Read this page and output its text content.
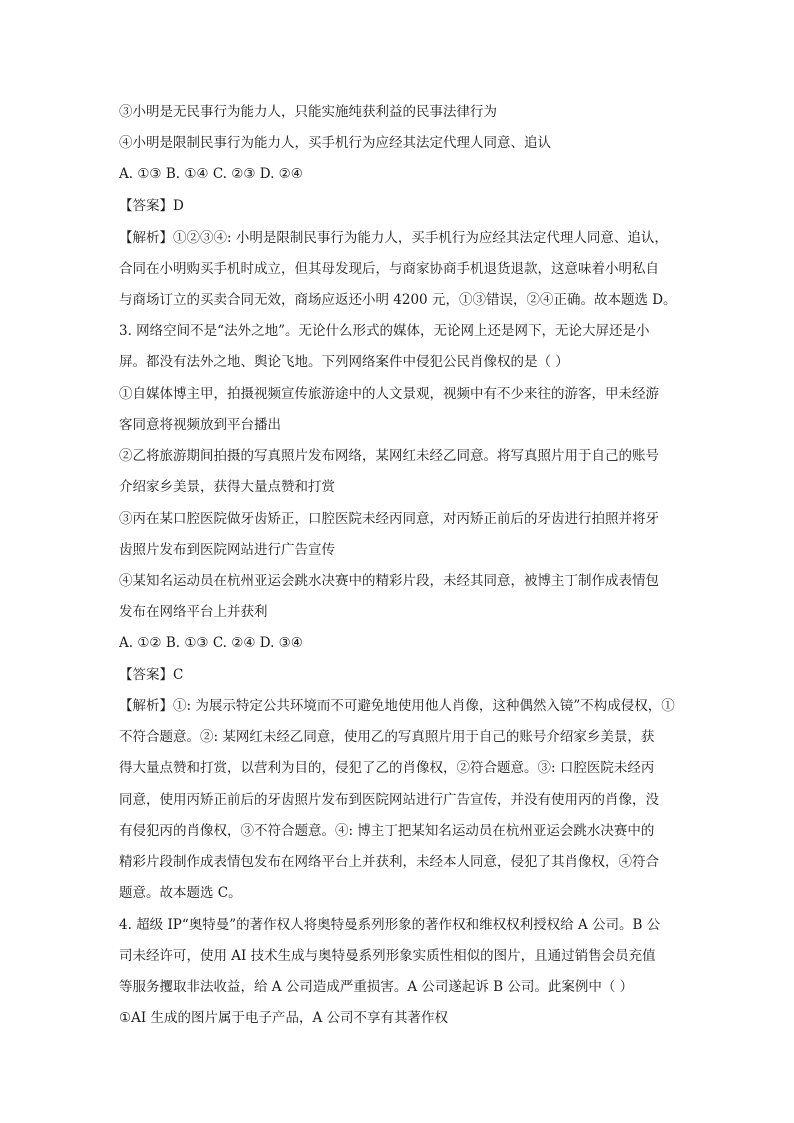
③小明是无民事行为能力人，只能实施纯获利益的民事法律行为
④小明是限制民事行为能力人，买手机行为应经其法定代理人同意、追认
A. ①③ B. ①④ C. ②③ D. ②④
【答案】D
【解析】①②③④: 小明是限制民事行为能力人，买手机行为应经其法定代理人同意、追认，
合同在小明购买手机时成立，但其母发现后，与商家协商手机退货退款，这意味着小明私自
与商场订立的买卖合同无效，商场应返还小明 4200 元，①③错误，②④正确。故本题选 D。
3. 网络空间不是“法外之地”。无论什么形式的媒体，无论网上还是网下，无论大屏还是小
屏。都没有法外之地、舆论飞地。下列网络案件中侵犯公民肖像权的是（ ）
①自媒体博主甲，拍摄视频宣传旅游途中的人文景观，视频中有不少来往的游客，甲未经游
客同意将视频放到平台播出
②乙将旅游期间拍摄的写真照片发布网络，某网红未经乙同意。将写真照片用于自己的账号
介绍家乡美景，获得大量点赞和打赏
③丙在某口腔医院做牙齿矫正，口腔医院未经丙同意，对丙矫正前后的牙齿进行拍照并将牙
齿照片发布到医院网站进行广告宣传
④某知名运动员在杭州亚运会跳水决赛中的精彩片段，未经其同意，被博主丁制作成表情包
发布在网络平台上并获利
A. ①② B. ①③ C. ②④ D. ③④
【答案】C
【解析】①: 为展示特定公共环境而不可避免地使用他人肖像，这种偶然入镜”不构成侵权，①
不符合题意。②: 某网红未经乙同意，使用乙的写真照片用于自己的账号介绍家乡美景，获
得大量点赞和打赏，以营利为目的，侵犯了乙的肖像权，②符合题意。③: 口腔医院未经丙
同意，使用丙矫正前后的牙齿照片发布到医院网站进行广告宣传，并没有使用丙的肖像，没
有侵犯丙的肖像权，③不符合题意。④: 博主丁把某知名运动员在杭州亚运会跳水决赛中的
精彩片段制作成表情包发布在网络平台上并获利，未经本人同意，侵犯了其肖像权，④符合
题意。故本题选 C。
4. 超级 IP“奥特曼”的著作权人将奥特曼系列形象的著作权和维权权利授权给 A 公司。B 公
司未经许可，使用 AI 技术生成与奥特曼系列形象实质性相似的图片，且通过销售会员充值
等服务攫取非法收益，给 A 公司造成严重损害。A 公司遂起诉 B 公司。此案例中（ ）
①AI 生成的图片属于电子产品，A 公司不享有其著作权
